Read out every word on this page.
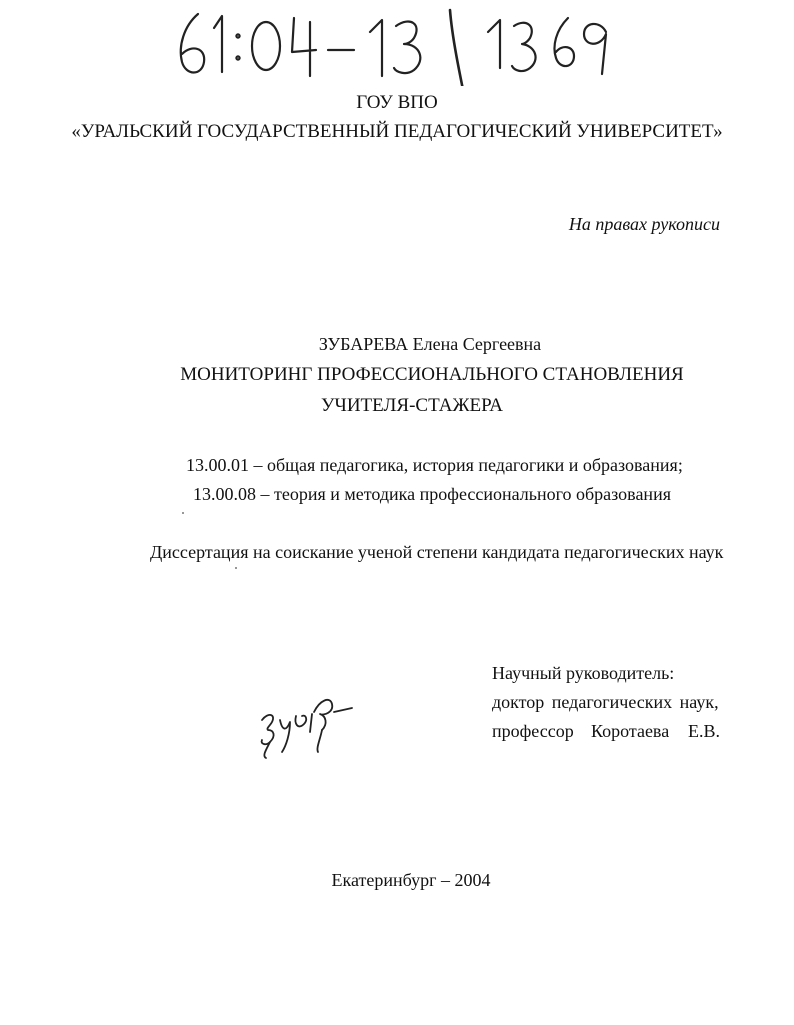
ГОУ ВПО
«УРАЛЬСКИЙ ГОСУДАРСТВЕННЫЙ ПЕДАГОГИЧЕСКИЙ УНИВЕРСИТЕТ»
На правах рукописи
ЗУБАРЕВА Елена Сергеевна
МОНИТОРИНГ ПРОФЕССИОНАЛЬНОГО СТАНОВЛЕНИЯ
УЧИТЕЛЯ-СТАЖЕРА
13.00.01 – общая педагогика, история педагогики и образования;
13.00.08 – теория и методика профессионального образования
Диссертация на соискание ученой степени кандидата педагогических наук
Научный руководитель:
доктор педагогических наук,
профессор Коротаева Е.В.
Екатеринбург – 2004
